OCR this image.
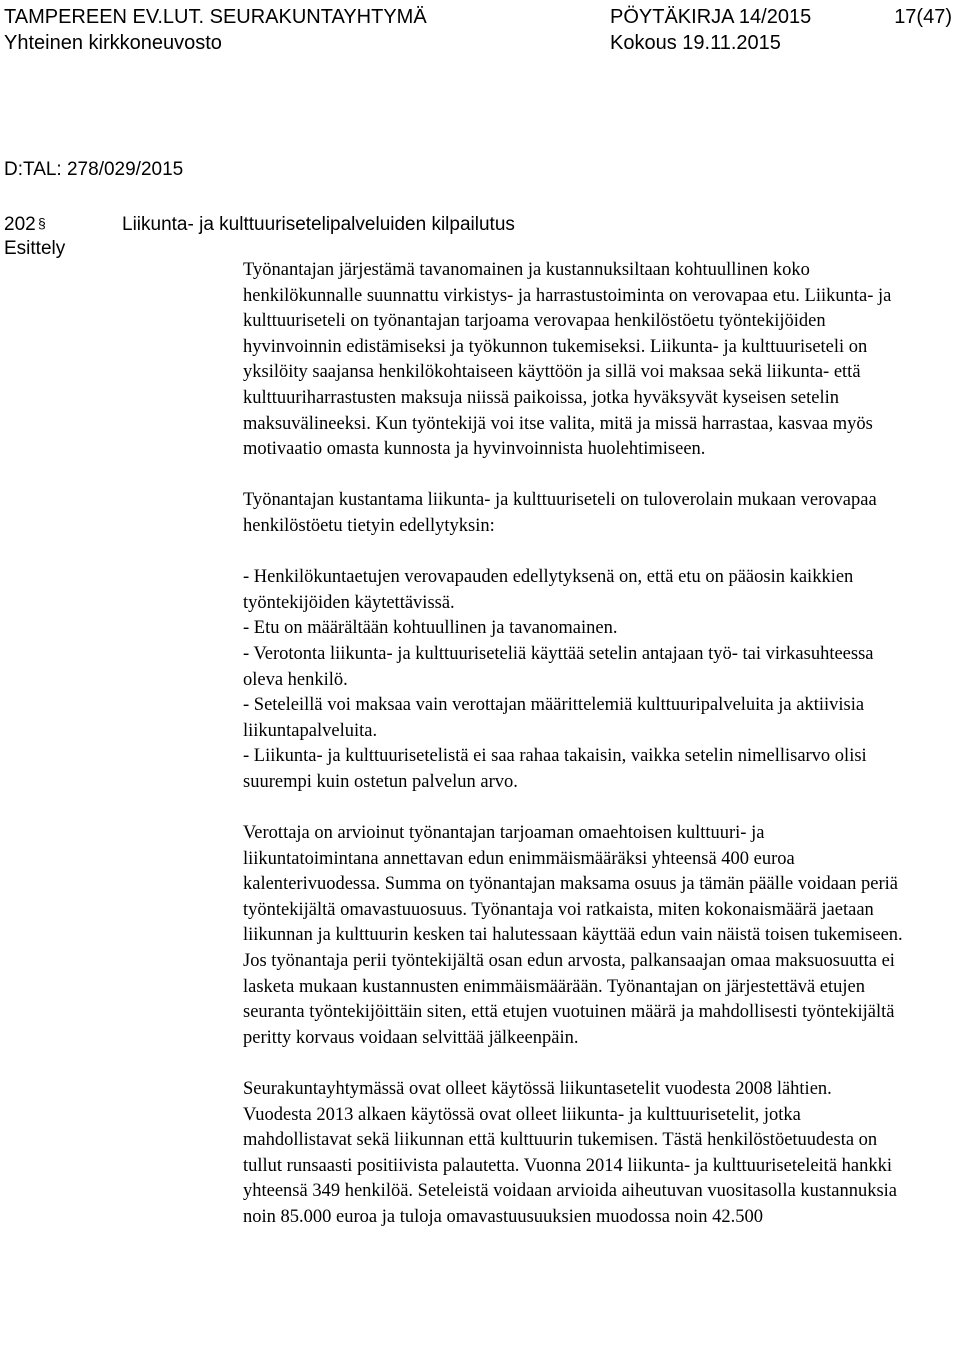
TAMPEREEN EV.LUT. SEURAKUNTAYHTYMÄ	PÖYTÄKIRJA 14/2015	17(47)
Yhteinen kirkkoneuvosto	Kokous 19.11.2015
D:TAL: 278/029/2015
202 §	Liikunta- ja kulttuurisetelipalveluiden kilpailutus
Esittely

Työnantajan järjestämä tavanomainen ja kustannuksiltaan kohtuullinen koko henkilökunnalle suunnattu virkistys- ja harrastustoiminta on verovapaa etu. Liikunta- ja kulttuuriseteli on työnantajan tarjoama verovapaa henkilöstöetu työntekijöiden hyvinvoinnin edistämiseksi ja työkunnon tukemiseksi. Liikunta- ja kulttuuriseteli on yksilöity saajansa henkilökohtaiseen käyttöön ja sillä voi maksaa sekä liikunta- että kulttuuriharrastusten maksuja niissä paikoissa, jotka hyväksyvät kyseisen setelin maksuvälineeksi. Kun työntekijä voi itse valita, mitä ja missä harrastaa, kasvaa myös motivaatio omasta kunnosta ja hyvinvoinnista huolehtimiseen.

Työnantajan kustantama liikunta- ja kulttuuriseteli on tuloverolain mukaan verovapaa henkilöstöetu tietyin edellytyksin:

- Henkilökuntaetujen verovapauden edellytyksenä on, että etu on pääosin kaikkien työntekijöiden käytettävissä.

- Etu on määrältään kohtuullinen ja tavanomainen.

- Verotonta liikunta- ja kulttuuriseteliä käyttää setelin antajaan työ- tai virkasuhteessa oleva henkilö.

- Seteleillä voi maksaa vain verottajan määrittelemiä kulttuuripalveluita ja aktiivisia liikuntapalveluita.

- Liikunta- ja kulttuurisetelistä ei saa rahaa takaisin, vaikka setelin nimellisarvo olisi suurempi kuin ostetun palvelun arvo.

Verottaja on arvioinut työnantajan tarjoaman omaehtoisen kulttuuri- ja liikuntatoimintana annettavan edun enimmäismääräksi yhteensä 400 euroa kalenterivuodessa. Summa on työnantajan maksama osuus ja tämän päälle voidaan periä työntekijältä omavastuuosuus. Työnantaja voi ratkaista, miten kokonaismäärä jaetaan liikunnan ja kulttuurin kesken tai halutessaan käyttää edun vain näistä toisen tukemiseen. Jos työnantaja perii työntekijältä osan edun arvosta, palkansaajan omaa maksuosuutta ei lasketa mukaan kustannusten enimmäismäärään. Työnantajan on järjestettävä etujen seuranta työntekijöittäin siten, että etujen vuotuinen määrä ja mahdollisesti työntekijältä peritty korvaus voidaan selvittää jälkeenpäin.

Seurakuntayhtymässä ovat olleet käytössä liikuntasetelit vuodesta 2008 lähtien. Vuodesta 2013 alkaen käytössä ovat olleet liikunta- ja kulttuurisetelit, jotka mahdollistavat sekä liikunnan että kulttuurin tukemisen. Tästä henkilöstöetuudesta on tullut runsaasti positiivista palautetta. Vuonna 2014 liikunta- ja kulttuuriseteleitä hankki yhteensä 349 henkilöä. Seteleistä voidaan arvioida aiheutuvan vuositasolla kustannuksia noin 85.000 euroa ja tuloja omavastuusuuksien muodossa noin 42.500
